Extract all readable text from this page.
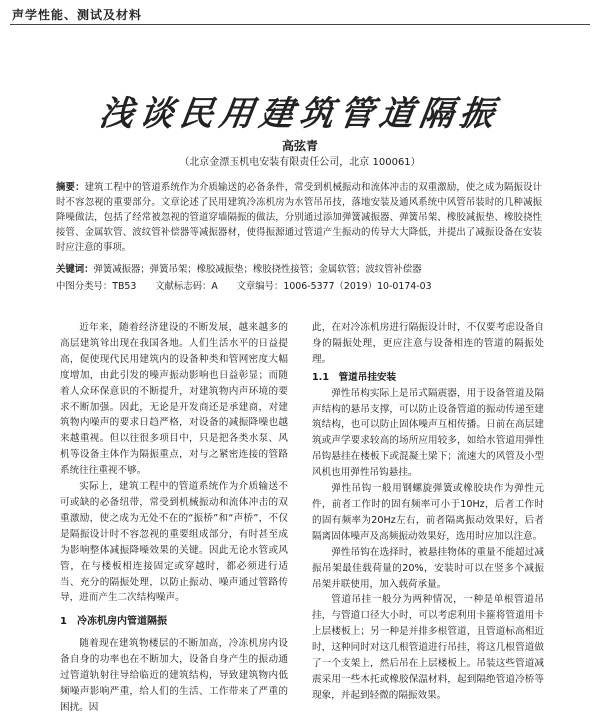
声学性能、测试及材料
浅谈民用建筑管道隔振
高弦青
（北京金漂玉机电安装有限责任公司，北京 100061）
摘要：建筑工程中的管道系统作为介质输送的必备条件，常受到机械振动和流体冲击的双重激励，使之成为隔振设计时不容忽视的重要部分。文章论述了民用建筑冷冻机房为水管吊吊技，落地安装及通风系统中风管吊装时的几种减振降噪做法，包括了经常被忽视的管道穿墙隔振的做法，分别通过添加弹簧减振器、弹簧吊架、橡胶减振垫、橡胶挠性接管、金属软管、波纹管补偿器等减振器材，使得振源通过管道产生振动的传导大大降低，并提出了减振设备在安装时应注意的事项。
关键词：弹簧减振器；弹簧吊架；橡胶减振垫；橡胶挠性接管；金属软管；波纹管补偿器
中图分类号：TB53　　文献标志码：A　　文章编号：1006-5377（2019）10-0174-03

近年来，随着经济建设的不断发展，越来越多的高层建筑耸出现在我国各地。人们生活水平的日益提高，促使现代民用建筑内的设备种类和管网密度大幅度增加，由此引发的噪声振动影响也日益彰显；而随着人众环保意识的不断提升，对建筑物内声环境的要求不断加强。因此，无论是开发商还是承建商，对建筑物内噪声的要求日趋严格，对设备的减振降噪也越来越重视。但以往很多项目中，只是把各类水泵、风机等设备主体作为隔振重点，对与之紧密连接的管路系统往往重视不够。

实际上，建筑工程中的管道系统作为介质输送不可或缺的必备纽带，常受到机械振动和流体冲击的双重激励，使之成为无处不在的“振桥”和“声桥”，不仅是隔振设计时不容忽视的重要组成部分，有时甚至成为影响整体减振降噪效果的关键。因此无论水管或风管，在与楼板相连接固定或穿越时，都必须进行适当、充分的隔振处理，以防止振动、噪声通过管路传导，进而产生二次结构噪声。

1　冷冻机房内管道隔振

随着现在建筑物楼层的不断加高，冷冻机房内设备自身的功率也在不断加大，设备自身产生的振动通过管道轨射往导给临近的建筑结构，导致建筑物内低频噪声影响严重，给人们的生活、工作带来了严重的困扰。因

此，在对冷冻机房进行隔振设计时，不仅要考虑设备自身的隔振处理，更应注意与设备相连的管道的隔振处理。

1.1　管道吊挂安装

弹性吊构实际上是吊式隔震器，用于设备管道及隔声结构的悬吊支撑，可以防止设备管道的振动传递至建筑结构，也可以防止固体噪声互相传播。日前在高层建筑或声学要求较高的场所应用较多，如给水管道用弹性吊钩悬挂在楼板下或混凝土梁下；流速大的风管及小型风机也用弹性吊钩悬挂。

弹性吊钩一般用钢螺旋弹簧或橡胶块作为弹性元件，前者工作时的固有频率可小于10Hz，后者工作时的固有频率为20Hz左右，前者隔离振动效果好，后者隔离固体噪声及高频振动效果好，选用时应加以注意。

弹性吊钩在选择时，被悬挂物体的重量不能超过减振吊架最佳载荷量的20%，安装时可以在竖多个减振吊架并联使用，加入载荷承量。

管道吊挂一般分为两种情况，一种是单根管道吊挂，与管道口径大小时，可以考虑利用卡箍将管道用卡上层楼板上；另一种是并排多根管道，且管道标高相近时，这种同时对这几根管道进行吊挂，将这几根管道做了一个支架上，然后吊在上层楼板上。吊装这些管道减震采用一些木托或橡胶保温材料，起到隔绝管道冷桥等现象，并起到轻微的隔振效果。
